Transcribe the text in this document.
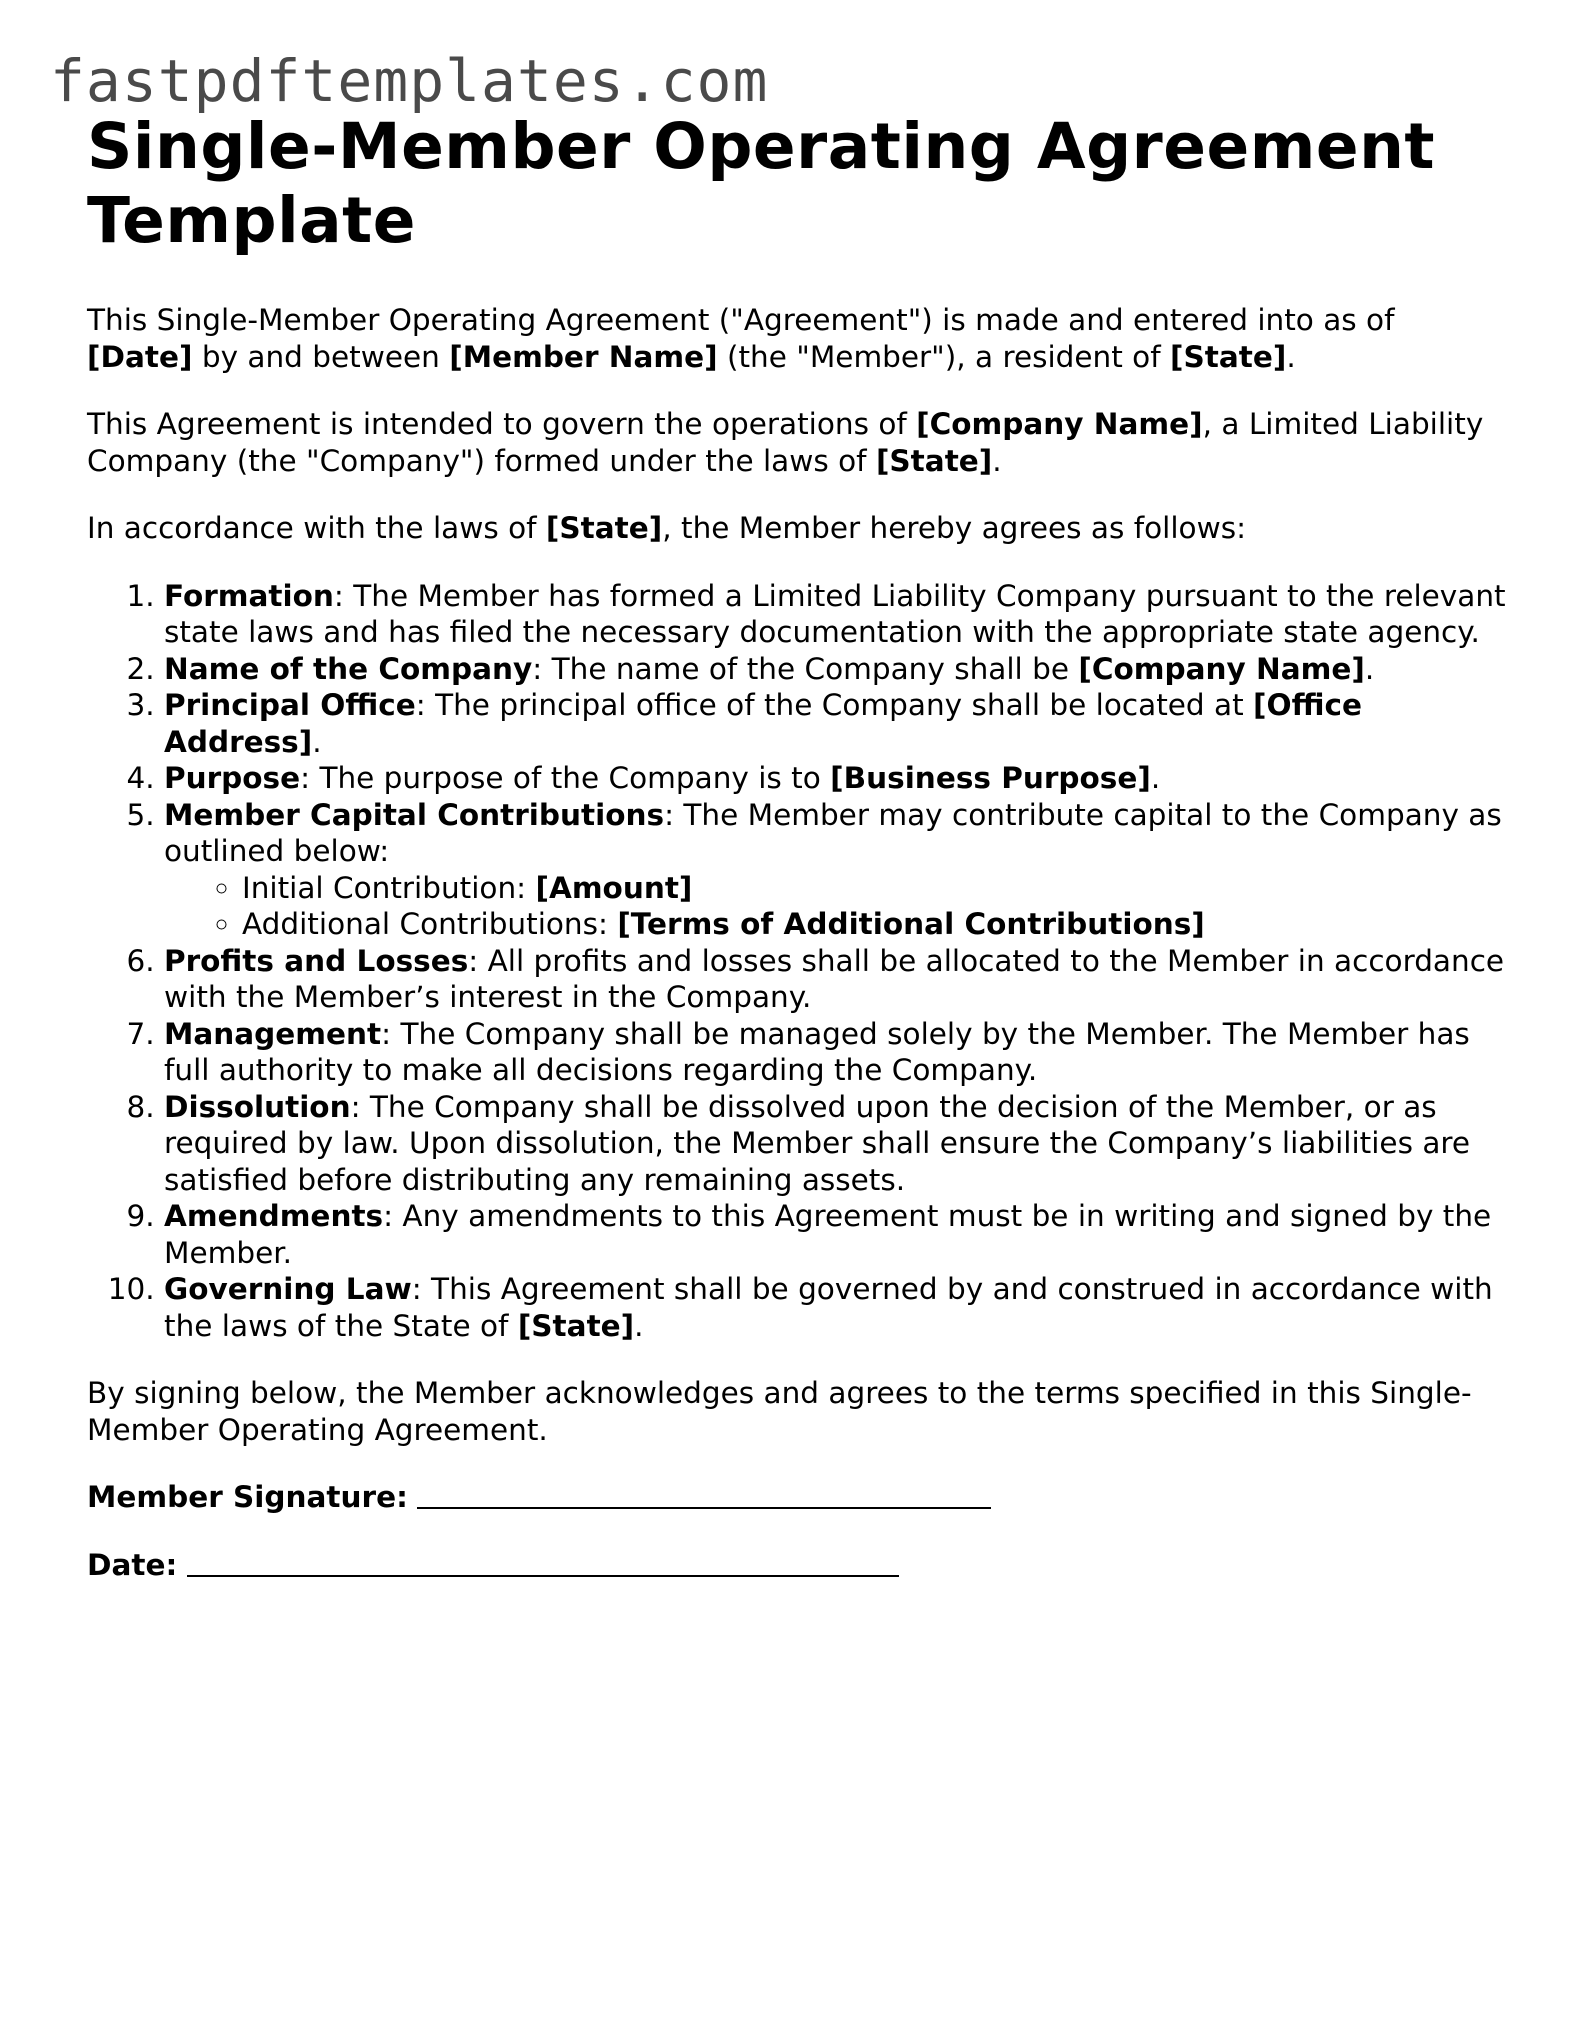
fastpdftemplates.com
Single-Member Operating Agreement
Template

This Single-Member Operating Agreement ("Agreement") is made and entered into as of [Date] by and between [Member Name] (the "Member"), a resident of [State].

This Agreement is intended to govern the operations of [Company Name], a Limited Liability Company (the "Company") formed under the laws of [State].

In accordance with the laws of [State], the Member hereby agrees as follows:

1. Formation: The Member has formed a Limited Liability Company pursuant to the relevant state laws and has filed the necessary documentation with the appropriate state agency.
2. Name of the Company: The name of the Company shall be [Company Name].
3. Principal Office: The principal office of the Company shall be located at [Office Address].
4. Purpose: The purpose of the Company is to [Business Purpose].
5. Member Capital Contributions: The Member may contribute capital to the Company as outlined below:
◦ Initial Contribution: [Amount]
◦ Additional Contributions: [Terms of Additional Contributions]
6. Profits and Losses: All profits and losses shall be allocated to the Member in accordance with the Member’s interest in the Company.
7. Management: The Company shall be managed solely by the Member. The Member has full authority to make all decisions regarding the Company.
8. Dissolution: The Company shall be dissolved upon the decision of the Member, or as required by law. Upon dissolution, the Member shall ensure the Company’s liabilities are satisfied before distributing any remaining assets.
9. Amendments: Any amendments to this Agreement must be in writing and signed by the Member.
10. Governing Law: This Agreement shall be governed by and construed in accordance with the laws of the State of [State].

By signing below, the Member acknowledges and agrees to the terms specified in this Single-Member Operating Agreement.

Member Signature:

Date:
